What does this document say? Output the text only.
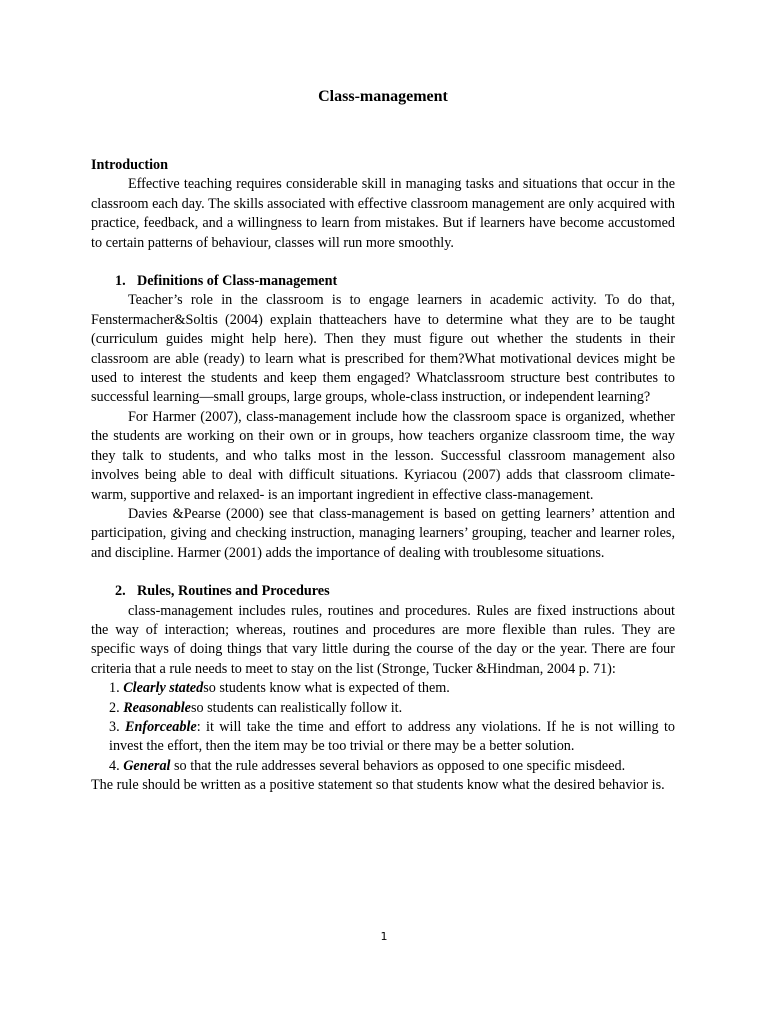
Class-management
Introduction

Effective teaching requires considerable skill in managing tasks and situations that occur in the classroom each day. The skills associated with effective classroom management are only acquired with practice, feedback, and a willingness to learn from mistakes. But if learners have become accustomed to certain patterns of behaviour, classes will run more smoothly.

1. Definitions of Class-management

Teacher’s role in the classroom is to engage learners in academic activity. To do that, Fenstermacher&Soltis (2004) explain thatteachers have to determine what they are to be taught (curriculum guides might help here). Then they must figure out whether the students in their classroom are able (ready) to learn what is prescribed for them?What motivational devices might be used to interest the students and keep them engaged? Whatclassroom structure best contributes to successful learning—small groups, large groups, whole-class instruction, or independent learning?

For Harmer (2007), class-management include how the classroom space is organized, whether the students are working on their own or in groups, how teachers organize classroom time, the way they talk to students, and who talks most in the lesson. Successful classroom management also involves being able to deal with difficult situations. Kyriacou (2007) adds that classroom climate- warm, supportive and relaxed- is an important ingredient in effective class-management.

Davies &Pearse (2000) see that class-management is based on getting learners’ attention and participation, giving and checking instruction, managing learners’ grouping, teacher and learner roles, and discipline. Harmer (2001) adds the importance of dealing with troublesome situations.

2. Rules, Routines and Procedures

class-management includes rules, routines and procedures. Rules are fixed instructions about the way of interaction; whereas, routines and procedures are more flexible than rules. They are specific ways of doing things that vary little during the course of the day or the year. There are four criteria that a rule needs to meet to stay on the list (Stronge, Tucker &Hindman, 2004 p. 71):

1. Clearly statedso students know what is expected of them.

2. Reasonableso students can realistically follow it.

3. Enforceable: it will take the time and effort to address any violations. If he is not willing to invest the effort, then the item may be too trivial or there may be a better solution.

4. General so that the rule addresses several behaviors as opposed to one specific misdeed.

The rule should be written as a positive statement so that students know what the desired behavior is.

1
